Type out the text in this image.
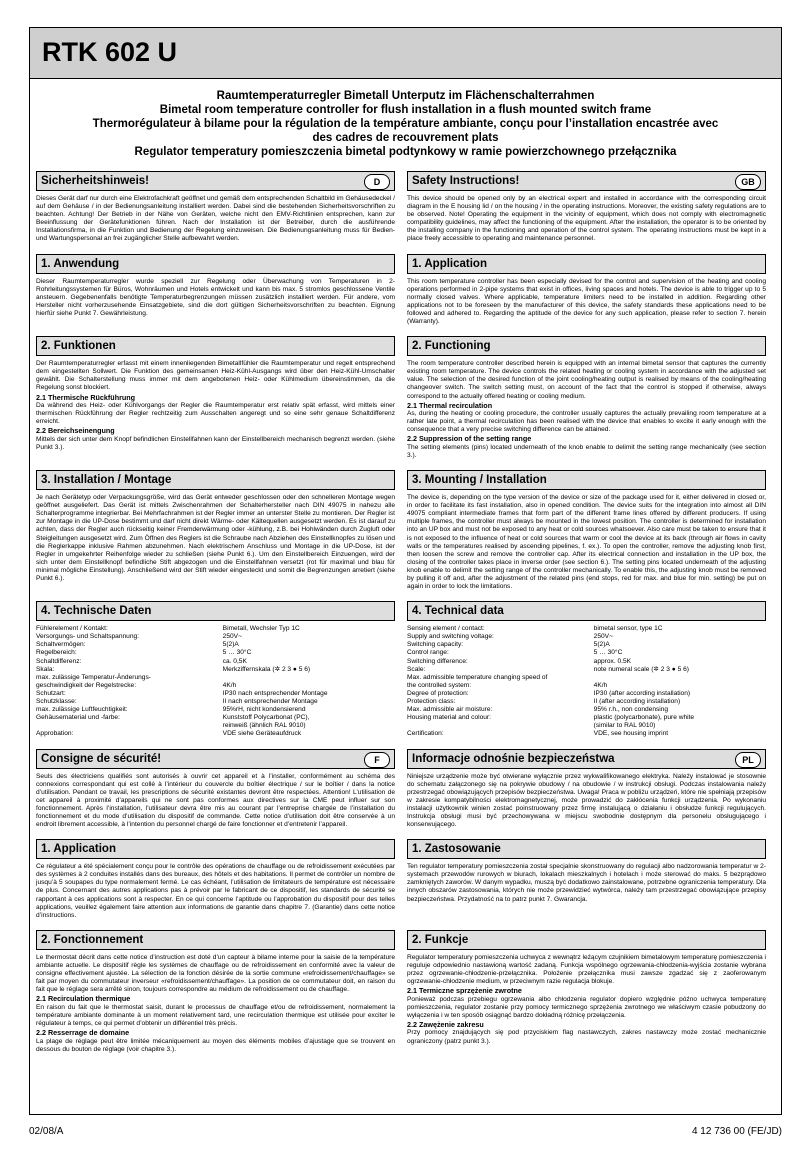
RTK 602 U
Raumtemperaturregler Bimetall Unterputz im Flächenschalterrahmen
Bimetal room temperature controller for flush installation in a flush mounted switch frame
Thermorégulateur à bilame pour la régulation de la température ambiante, conçu pour l’installation encastrée avec
des cadres de recouvrement plats
Regulator temperatury pomieszczenia bimetal podtynkowy w ramie powierzchownego przełącznika
Sicherheitshinweis!	D

Dieses Gerät darf nur durch eine Elektrofachkraft geöffnet und gemäß dem entsprechenden Schaltbild im Gehäusedeckel / auf dem Gehäuse / in der Bedienungsanleitung installiert werden. Dabei sind die bestehenden Sicherheitsvorschriften zu beachten. Achtung! Der Betrieb in der Nähe von Geräten, welche nicht den EMV-Richtlinien entsprechen, kann zur Beeinflussung der Gerätefunktionen führen. Nach der Installation ist der Betreiber, durch die ausführende Installationsfirma, in die Funktion und Bedienung der Regelung einzuweisen. Die Bedienungsanleitung muss für Bedien- und Wartungspersonal an frei zugänglicher Stelle aufbewahrt werden.

Safety Instructions!	GB

This device should be opened only by an electrical expert and installed in accordance with the corresponding circuit diagram in the E housing lid / on the housing / in the operating instructions. Moreover, the existing safety regulations are to be observed. Note! Operating the equipment in the vicinity of equipment, which does not comply with electromagnetic compatibility guidelines, may affect the functioning of the equipment. After the installation, the operator is to be oriented by the installing company in the functioning and operation of the control system. The operating instructions must be kept in a place freely accessible to operating and maintenance personnel.

1. Anwendung

Dieser Raumtemperaturregler wurde speziell zur Regelung oder Überwachung von Temperaturen in 2-Rohrleitungssystemen für Büros, Wohnräumen und Hotels entwickelt und kann bis max. 5 stromlos geschlossene Ventile ansteuern. Gegebenenfalls benötigte Temperaturbegrenzungen müssen zusätzlich installiert werden. Für andere, vom Hersteller nicht vorherzusehende Einsatzgebiete, sind die dort gültigen Sicherheitsvorschriften zu beachten. Eignung hierfür siehe Punkt 7. Gewährleistung.

1. Application

This room temperature controller has been especially devised for the control and supervision of the heating and cooling operations performed in 2-pipe systems that exist in offices, living spaces and hotels. The device is able to trigger up to 5 normally closed valves. Where applicable, temperature limiters need to be installed in addition. Regarding other applications not to be foreseen by the manufacturer of this device, the safety standards these applications need to be followed and adhered to. Regarding the aptitude of the device for any such application, please refer to section 7. herein (Warranty).

2. Funktionen

Der Raumtemperaturregler erfasst mit einem innenliegenden Bimetallfühler die Raumtemperatur und regelt entsprechend dem eingestellten Sollwert. Die Funktion des gemeinsamen Heiz-Kühl-Ausgangs wird über den Heiz-Kühl-Umschalter gewählt. Die Schalterstellung muss immer mit dem angebotenen Heiz- oder Kühlmedium übereinstimmen, da die Regelung sonst blockiert.

2.1 Thermische Rückführung

Da während des Heiz- oder Kühlvorgangs der Regler die Raumtemperatur erst relativ spät erfasst, wird mittels einer thermischen Rückführung der Regler rechtzeitig zum Ausschalten angeregt und so eine sehr genaue Schaltdifferenz erreicht.

2.2 Bereichseinengung

Mittels der sich unter dem Knopf befindlichen Einstellfahnen kann der Einstellbereich mechanisch begrenzt werden. (siehe Punkt 3.).

2. Functioning

The room temperature controller described herein is equipped with an internal bimetal sensor that captures the currently existing room temperature. The device controls the related heating or cooling system in accordance with the adjusted set value. The selection of the desired function of the joint cooling/heating output is realised by means of the cooling/heating changeover switch. The switch setting must, on account of the fact that the control is stopped if otherwise, always correspond to the actually offered heating or cooling medium.

2.1 Thermal recirculation

As, during the heating or cooling procedure, the controller usually captures the actually prevailing room temperature at a rather late point, a thermal recirculation has been realised with the device that enables to excite it early enough with the consequence that a very precise switching difference can be attained.

2.2 Suppression of the setting range

The setting elements (pins) located underneath of the knob enable to delimit the setting range mechanically (see section 3.).

3. Installation / Montage

Je nach Gerätetyp oder Verpackungsgröße, wird das Gerät entweder geschlossen oder den schnelleren Montage wegen geöffnet ausgeliefert. Das Gerät ist mittels Zwischenrahmen der Schalterhersteller nach DIN 49075 in nahezu alle Schalterprogramme integrierbar. Bei Mehrfachrahmen ist der Regler immer an unterster Stelle zu montieren. Der Regler ist zur Montage in die UP-Dose bestimmt und darf nicht direkt Wärme- oder Kältequellen ausgesetzt werden. Es ist darauf zu achten, dass der Regler auch rückseitig keiner Fremderwärmung oder -kühlung, z.B. bei Hohlwänden durch Zugluft oder Steigleitungen ausgesetzt wird. Zum Öffnen des Reglers ist die Schraube nach Abziehen des Einstellknopfes zu lösen und die Reglerkappe inklusive Rahmen abzunehmen. Nach elektrischem Anschluss und Montage in die UP-Dose, ist der Regler in umgekehrter Reihenfolge wieder zu schließen (siehe Punkt 6.). Um den Einstellbereich Einzuengen, wird der sich unter dem Einstellknopf befindliche Stift abgezogen und die Einstellfahnen versetzt (rot für maximal und blau für minimal mögliche Einstellung). Anschließend wird der Stift wieder eingesteckt und somit die Begrenzungen arretiert (siehe Punkt 6.).

3. Mounting / Installation

The device is, depending on the type version of the device or size of the package used for it, either delivered in closed or, in order to facilitate its fast installation, also in opened condition. The device suits for the integration into almost all DIN 49075 compliant intermediate frames that form part of the different frame lines offered by different producers. If using multiple frames, the controller must always be mounted in the lowest position. The controller is determined for installation into an UP box and must not be exposed to any heat or cold sources whatsoever. Also care must be taken to ensure that it is not exposed to the influence of heat or cold sources that warm or cool the device at its back (through air flows in cavity walls or the temperatures realised by ascending pipelines, f. ex.). To open the controller, remove the adjusting knob first, then loosen the screw and remove the controller cap. After its electrical connection and installation in the UP box, the closing of the controller takes place in inverse order (see section 6.). The setting pins located underneath of the adjusting knob enable to delimit the setting range of the controller mechanically. To enable this, the adjusting knob must be removed by pulling it off and, after the adjustment of the related pins (end stops, red for max. and blue for min. setting) be put on again in order to lock the limitations.

4. Technische Daten
Fühlerelement / Kontakt:	Bimetall, Wechsler Typ 1C
Versorgungs- und Schaltspannung:	250V~
Schaltvermögen:	5(2)A
Regelbereich:	5 … 30°C
Schaltdifferenz:	ca. 0,5K
Skala:	Merkziffernskala (✲ 2 3 ● 5 6)
max. zulässige Temperatur-Änderungs-	
geschwindigkeit der Regelstrecke:	4K/h
Schutzart:	IP30 nach entsprechender Montage
Schutzklasse:	II nach entsprechender Montage
max. zulässige Luftfeuchtigkeit:	95%rH, nicht kondensierend
Gehäusematerial und -farbe:	Kunststoff Polycarbonat (PC),
	reinweiß (ähnlich RAL 9010)
Approbation:	VDE siehe Geräteaufdruck
4. Technical data
Sensing element / contact:	bimetal sensor, type 1C
Supply and switching voltage:	250V~
Switching capacity:	5(2)A
Control range:	5 … 30°C
Switching difference:	approx. 0.5K
Scale:	note numeral scale (✲ 2 3 ● 5 6)
Max. admissible temperature changing speed of	
the controlled system:	4K/h
Degree of protection:	IP30 (after according installation)
Protection class:	II (after according installation)
Max. admissible air moisture:	95% r.h., non condensing
Housing material and colour:	plastic (polycarbonate), pure white
	(similar to RAL 9010)
Certification:	VDE, see housing imprint
Consigne de sécurité!	F

Seuls des électriciens qualifiés sont autorisés à ouvrir cet appareil et à l’installer, conformément au schéma des connexions correspondant qui est collé à l’intérieur du couvercle du boîtier électrique / sur le boîtier / dans la notice d’utilisation. Pendant ce travail, les prescriptions de sécurité existantes devront être respectées. Attention! L’utilisation de cet appareil à proximité d’appareils qui ne sont pas conformes aux directives sur la CME peut influer sur son fonctionnement. Après l’installation, l’utilisateur devra être mis au courant par l’entreprise chargée de l’installation du fonctionnement et du mode d’utilisation du dispositif de commande. Cette notice d’utilisation doit être conservée à un endroit librement accessible, à l’intention du personnel chargé de faire fonctionner et d’entretenir l’appareil.

Informacje odnośnie bezpieczeństwa	PL

Niniejsze urządzenie może być otwierane wyłącznie przez wykwalifikowanego elektryka. Należy instalować je stosownie do schematu załączonego się na pokrywie obudowy / na obudowie / w instrukcji obsługi. Podczas instalowania należy przestrzegać obowiązujących przepisów bezpieczeństwa. Uwaga! Praca w pobliżu urządzeń, które nie spełniają przepisów w zakresie kompatybilności elektromagnetycznej, może prowadzić do zakłócenia funkcji urządzenia. Po wykonaniu instalacji użytkownik winien zostać poinstruowany przez firmę instalującą o działaniu i obsłudze funkcji regulujących. Instrukcja obsługi musi być przechowywana w miejscu swobodnie dostępnym dla personelu obsługującego i konserwującego.

1. Application

Ce régulateur a été spécialement conçu pour le contrôle des opérations de chauffage ou de refroidissement exécutées par des systèmes à 2 conduites installés dans des bureaux, des hôtels et des habitations. Il permet de contrôler un nombre de jusqu’à 5 soupapes du type normalement fermé. Le cas échéant, l’utilisation de limitateurs de température est nécessaire de plus. Concernant des autres applications pas à prévoir par le fabricant de ce dispositif, les standards de sécurité se rapportant à ces applications sont à respecter. En ce qui concerne l’aptitude ou l’approbation du dispositif pour des telles applications, veuillez également faire attention aux informations de garantie dans chapitre 7. (Garantie) dans cette notice d’instructions.

1. Zastosowanie

Ten regulator temperatury pomieszczenia został specjalnie skonstruowany do regulacji albo nadzorowania temperatur w 2-systemach przewodów rurowych w biurach, lokalach mieszkalnych i hotelach i może sterować do maks. 5 bezprądowo zamkniętych zaworów. W danym wypadku, muszą być dodatkowo zainstalowane, potrzebne ograniczenia temperatury. Dla innych obszarów zastosowania, których nie może przewidzieć wytwórca, należy tam przestrzegać obowiązujące przepisy bezpieczeństwa. Przydatność na to patrz punkt 7. Gwarancja.

2. Fonctionnement

Le thermostat décrit dans cette notice d’instruction est doté d’un capteur à bilame interne pour la saisie de la température ambiante actuelle. Le dispositif règle les systèmes de chauffage ou de refroidissement en conformité avec la valeur de consigne effectivement ajustée. La sélection de la fonction désirée de la sortie commune «refroidissement/chauffage» se fait par moyen du commutateur inverseur «refroidissement/chauffage». La position de ce commutateur doit, en raison du fait que le réglage sera arrêté sinon, toujours correspondre au médium de refroidissement ou de chauffage.

2.1 Recirculation thermique

En raison du fait que le thermostat saisit, durant le processus de chauffage et/ou de refroidissement, normalement la température ambiante dominante à un moment relativement tard, une recirculation thermique est utilisée pour exciter le régulateur à temps, ce qui permet d’obtenir un différentiel très précis.

2.2 Resserrage de domaine

La plage de réglage peut être limitée mécaniquement au moyen des éléments mobiles d’ajustage que se trouvent en dessous du bouton de réglage (voir chapitre 3.).

2. Funkcje

Regulator temperatury pomieszczenia uchwyca z wewnątrz leżącym czujnikiem bimetalowym temperaturę pomieszczenia i reguluje odpowiednio nastawioną wartość zadaną. Funkcja wspólnego ogrzewania-chłodzenia-wyjścia zostanie wybrana przez ogrzewanie-chłodzenie-przełącznika. Położenie przełącznika musi zawsze zgadzać się z zaoferowanym ogrzewanie-chłodzenie medium, w przeciwnym razie regulacja blokuje.

2.1 Termiczne sprzężenie zwrotne

Ponieważ podczas przebiegu ogrzewania albo chłodzenia regulator dopiero względnie późno uchwyca temperaturę pomieszczenia, regulator zostanie przy pomocy termicznego sprzężenia zwrotnego we właściwym czasie pobudzony do wyłączenia i w ten sposób osiągnąć bardzo dokładną różnicę przełączenia.

2.2 Zawężenie zakresu

Przy pomocy znajdujących się pod przyciskiem flag nastawczych, zakres nastawczy może zostać mechanicznie ograniczony (patrz punkt 3.).

02/08/A	4 12 736 00 (FE/JD)
